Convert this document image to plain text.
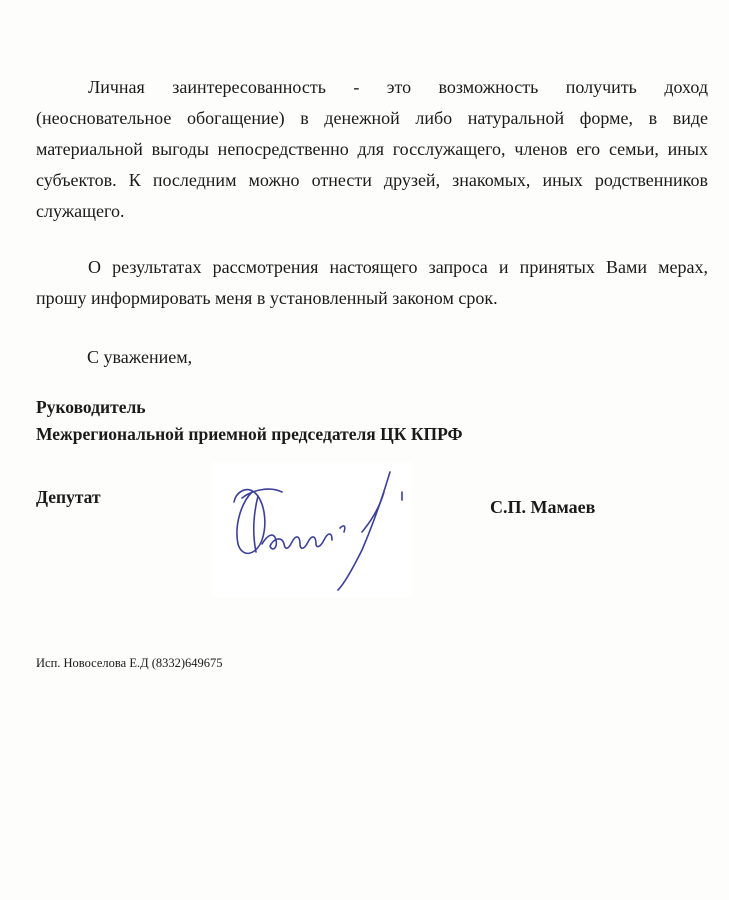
Личная заинтересованность - это возможность получить доход (неосновательное обогащение) в денежной либо натуральной форме, в виде материальной выгоды непосредственно для госслужащего, членов его семьи, иных субъектов. К последним можно отнести друзей, знакомых, иных родственников служащего.

О результатах рассмотрения настоящего запроса и принятых Вами мерах, прошу информировать меня в установленный законом срок.

С уважением,

Руководитель

Межрегиональной приемной председателя ЦК КПРФ

Депутат	С.П. Мамаев

Исп. Новоселова Е.Д (8332)649675
